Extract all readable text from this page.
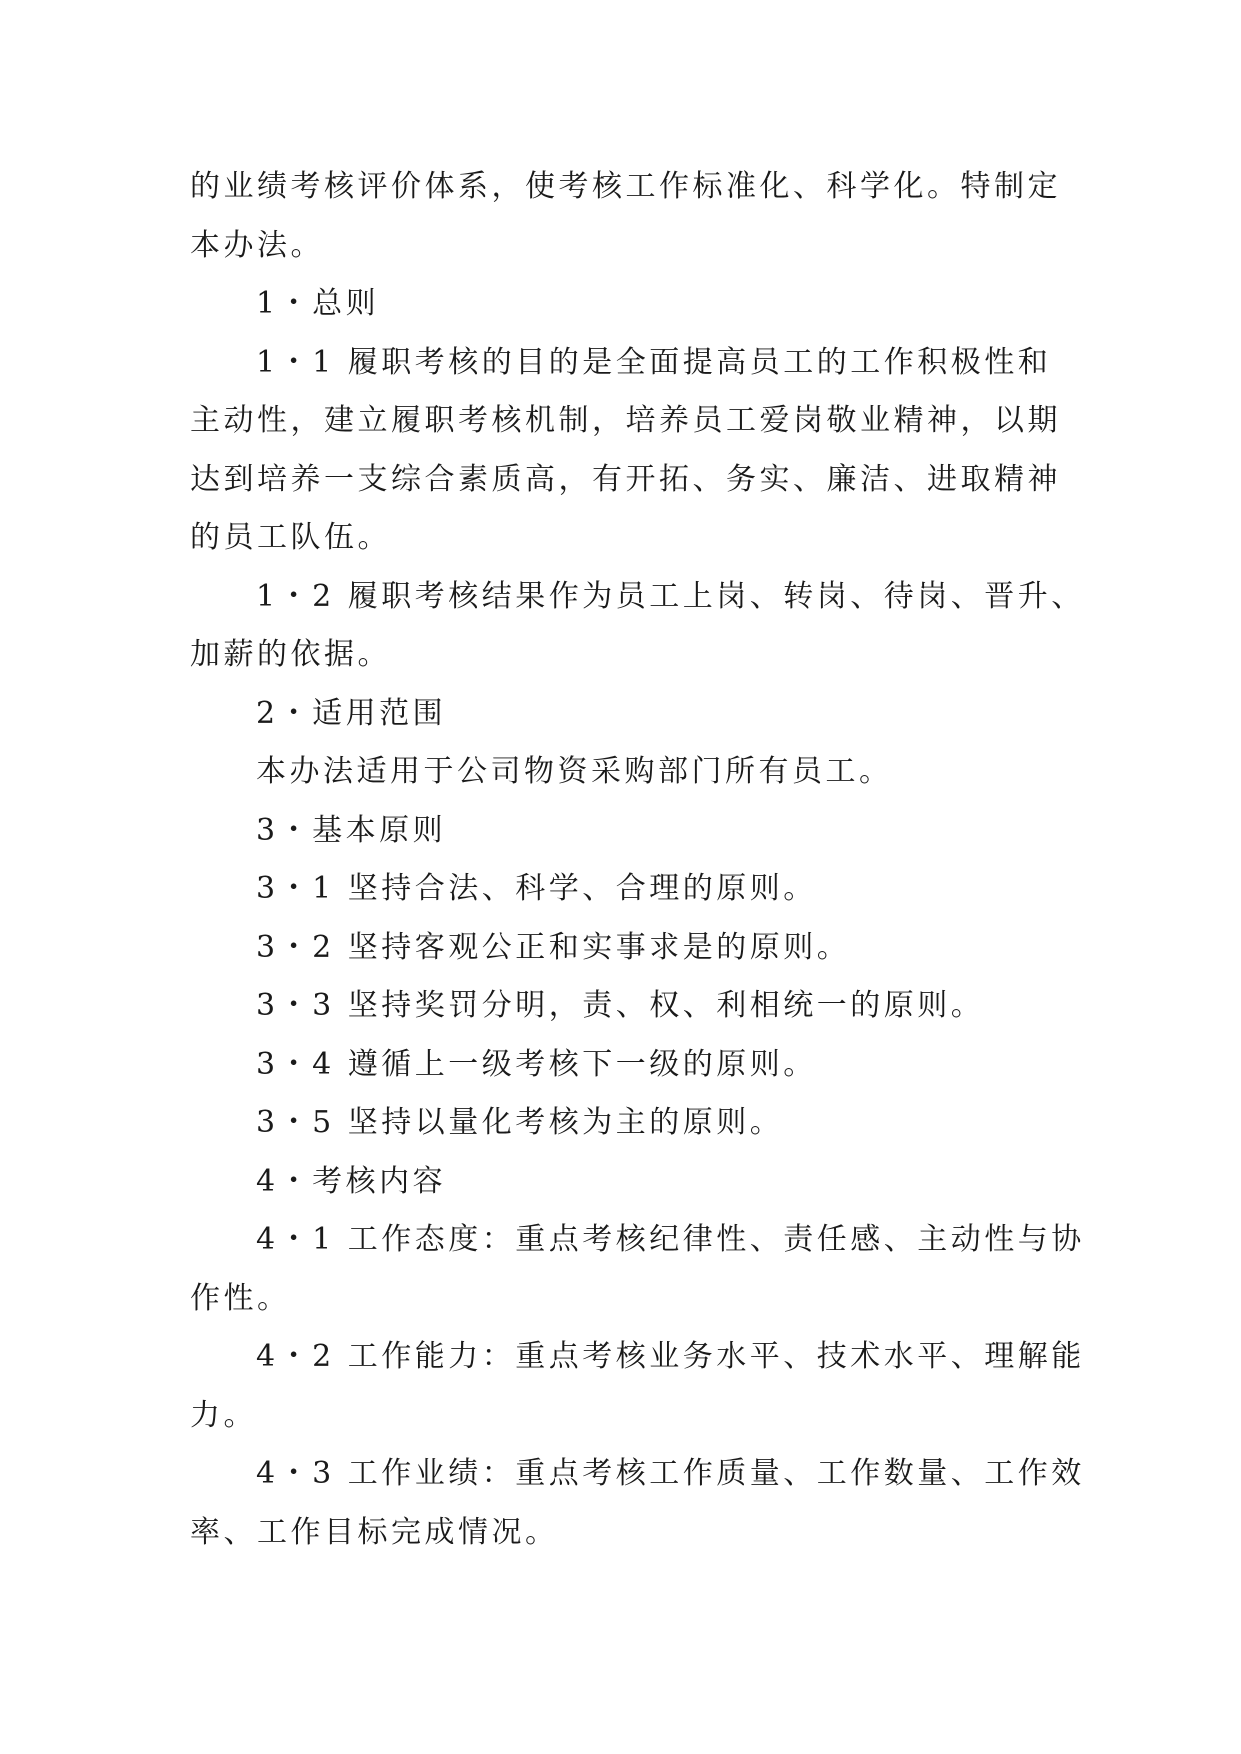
的业绩考核评价体系，使考核工作标准化、科学化。特制定
本办法。
1・总则
1・1 履职考核的目的是全面提高员工的工作积极性和
主动性，建立履职考核机制，培养员工爱岗敬业精神，以期
达到培养一支综合素质高，有开拓、务实、廉洁、进取精神
的员工队伍。
1・2 履职考核结果作为员工上岗、转岗、待岗、晋升、
加薪的依据。
2・适用范围
本办法适用于公司物资采购部门所有员工。
3・基本原则
3・1 坚持合法、科学、合理的原则。
3・2 坚持客观公正和实事求是的原则。
3・3 坚持奖罚分明，责、权、利相统一的原则。
3・4 遵循上一级考核下一级的原则。
3・5 坚持以量化考核为主的原则。
4・考核内容
4・1 工作态度：重点考核纪律性、责任感、主动性与协
作性。
4・2 工作能力：重点考核业务水平、技术水平、理解能
力。
4・3 工作业绩：重点考核工作质量、工作数量、工作效
率、工作目标完成情况。
